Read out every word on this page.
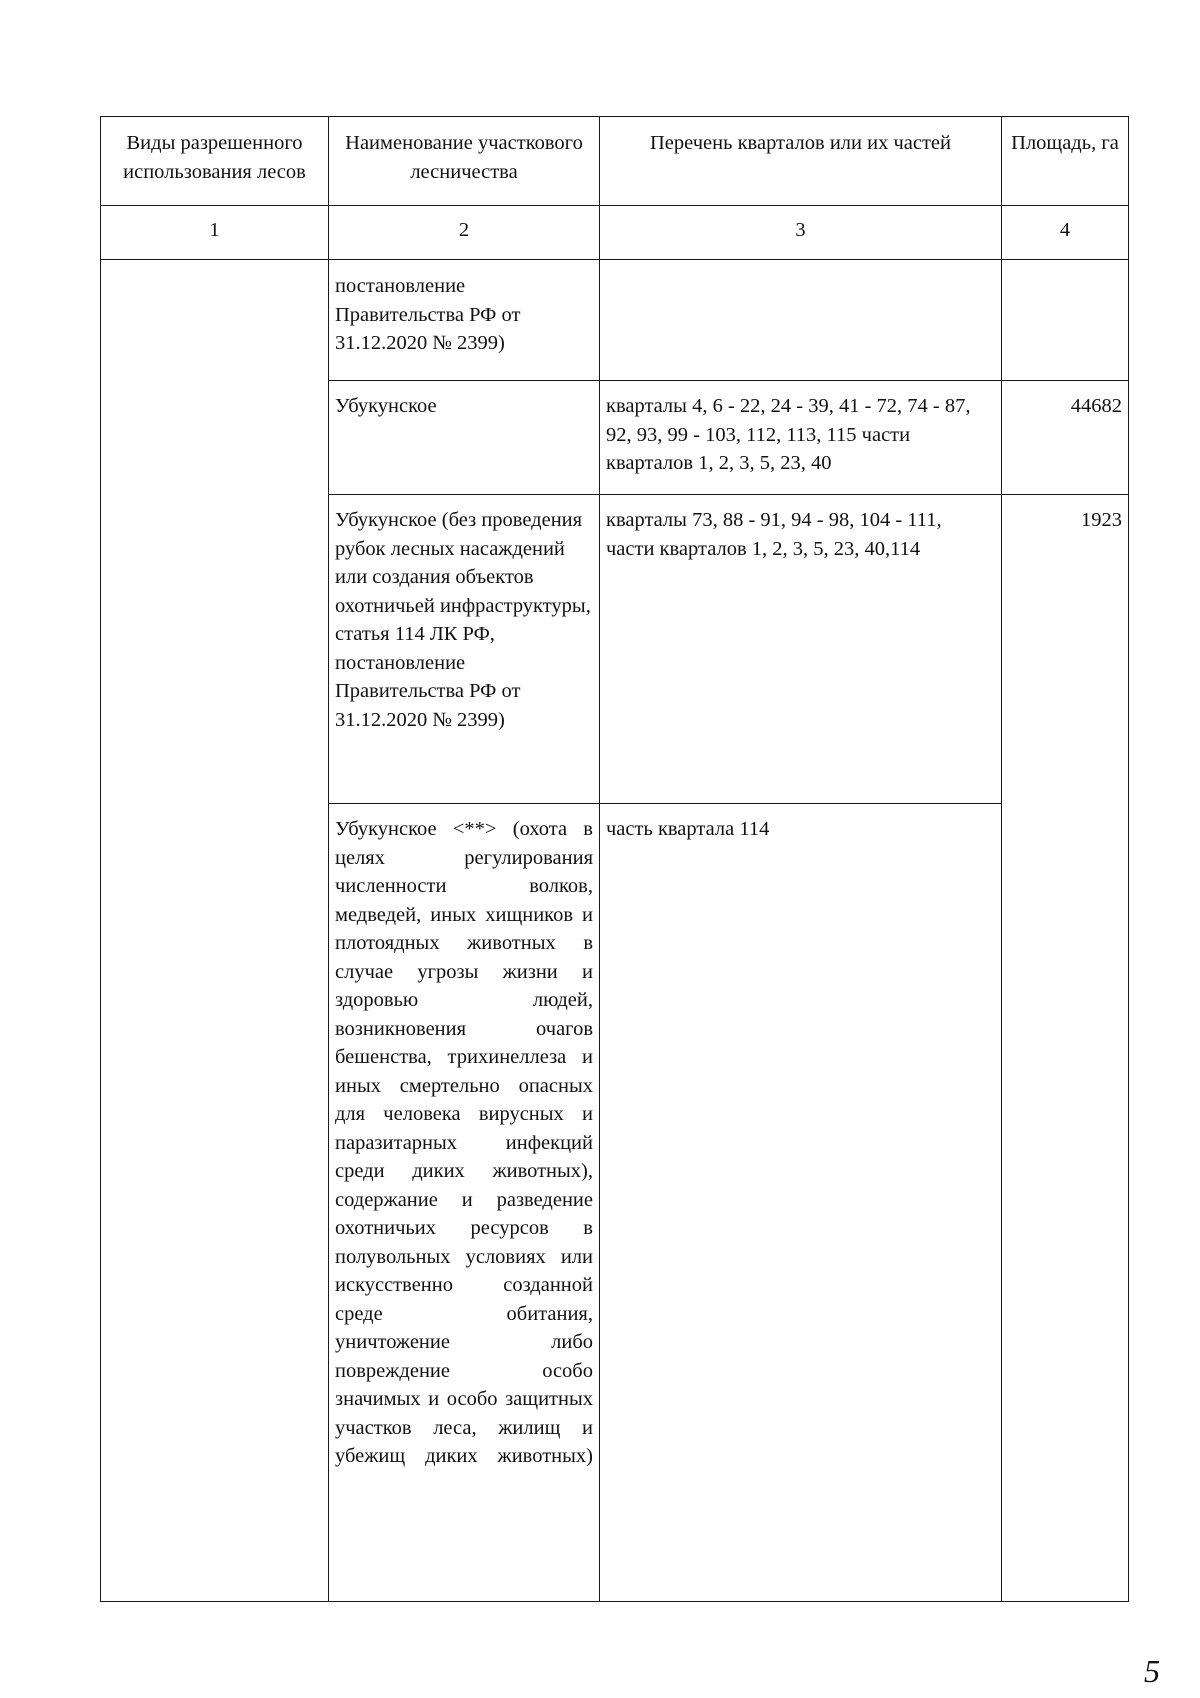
Виды разрешенного использования лесов	Наименование участкового лесничества	Перечень кварталов или их частей	Площадь, га
1	2	3	4
	постановление Правительства РФ от 31.12.2020 № 2399)		
	Убукунское	кварталы 4, 6 - 22, 24 - 39, 41 - 72, 74 - 87, 92, 93, 99 - 103, 112, 113, 115 части кварталов 1, 2, 3, 5, 23, 40	44682
	Убукунское (без проведения рубок лесных насаждений или создания объектов охотничьей инфраструктуры, статья 114 ЛК РФ, постановление Правительства РФ от 31.12.2020 № 2399)	кварталы 73, 88 - 91, 94 - 98, 104 - 111, части кварталов 1, 2, 3, 5, 23, 40,114	1923
	Убукунское <**> (охота в целях регулирования численности волков, медведей, иных хищников и плотоядных животных в случае угрозы жизни и здоровью людей, возникновения очагов бешенства, трихинеллеза и иных смертельно опасных для человека вирусных и паразитарных инфекций среди диких животных), содержание и разведение охотничьих ресурсов в полувольных условиях или искусственно созданной среде обитания, уничтожение либо повреждение особо значимых и особо защитных участков леса, жилищ и убежищ диких животных)	часть квартала 114	
5
